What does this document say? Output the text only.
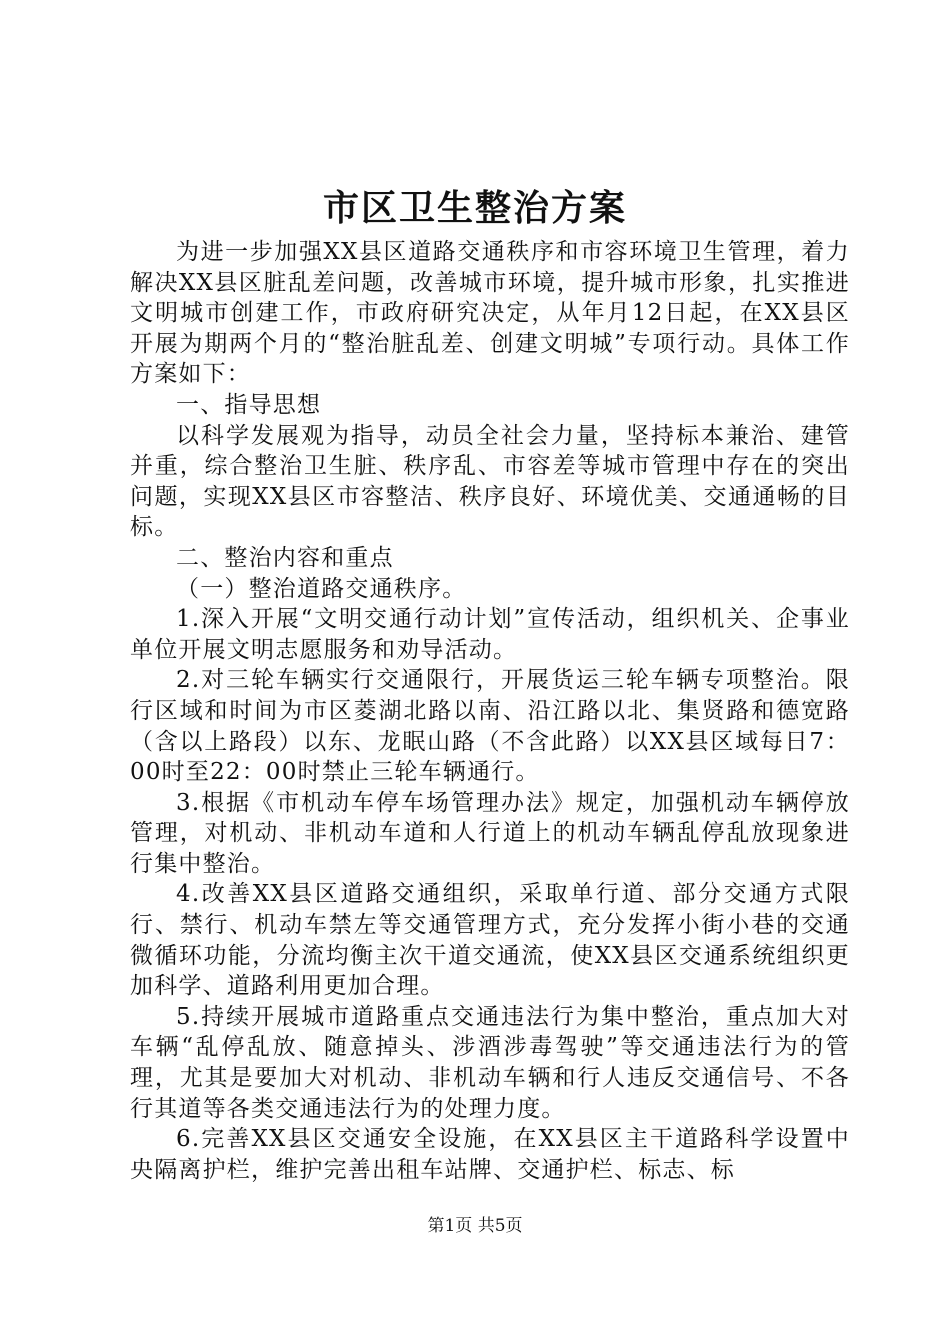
市区卫生整治方案

为进一步加强XX县区道路交通秩序和市容环境卫生管理，着力解决XX县区脏乱差问题，改善城市环境，提升城市形象，扎实推进文明城市创建工作，市政府研究决定，从年月12日起，在XX县区开展为期两个月的“整治脏乱差、创建文明城”专项行动。具体工作方案如下：

一、指导思想

以科学发展观为指导，动员全社会力量，坚持标本兼治、建管并重，综合整治卫生脏、秩序乱、市容差等城市管理中存在的突出问题，实现XX县区市容整洁、秩序良好、环境优美、交通通畅的目标。

二、整治内容和重点

（一）整治道路交通秩序。

1.深入开展“文明交通行动计划”宣传活动，组织机关、企事业单位开展文明志愿服务和劝导活动。

2.对三轮车辆实行交通限行，开展货运三轮车辆专项整治。限行区域和时间为市区菱湖北路以南、沿江路以北、集贤路和德宽路（含以上路段）以东、龙眠山路（不含此路）以XX县区域每日7：00时至22：00时禁止三轮车辆通行。

3.根据《市机动车停车场管理办法》规定，加强机动车辆停放管理，对机动、非机动车道和人行道上的机动车辆乱停乱放现象进行集中整治。

4.改善XX县区道路交通组织，采取单行道、部分交通方式限行、禁行、机动车禁左等交通管理方式，充分发挥小街小巷的交通微循环功能，分流均衡主次干道交通流，使XX县区交通系统组织更加科学、道路利用更加合理。

5.持续开展城市道路重点交通违法行为集中整治，重点加大对车辆“乱停乱放、随意掉头、涉酒涉毒驾驶”等交通违法行为的管理，尤其是要加大对机动、非机动车辆和行人违反交通信号、不各行其道等各类交通违法行为的处理力度。

6.完善XX县区交通安全设施，在XX县区主干道路科学设置中央隔离护栏，维护完善出租车站牌、交通护栏、标志、标

第1页 共5页
